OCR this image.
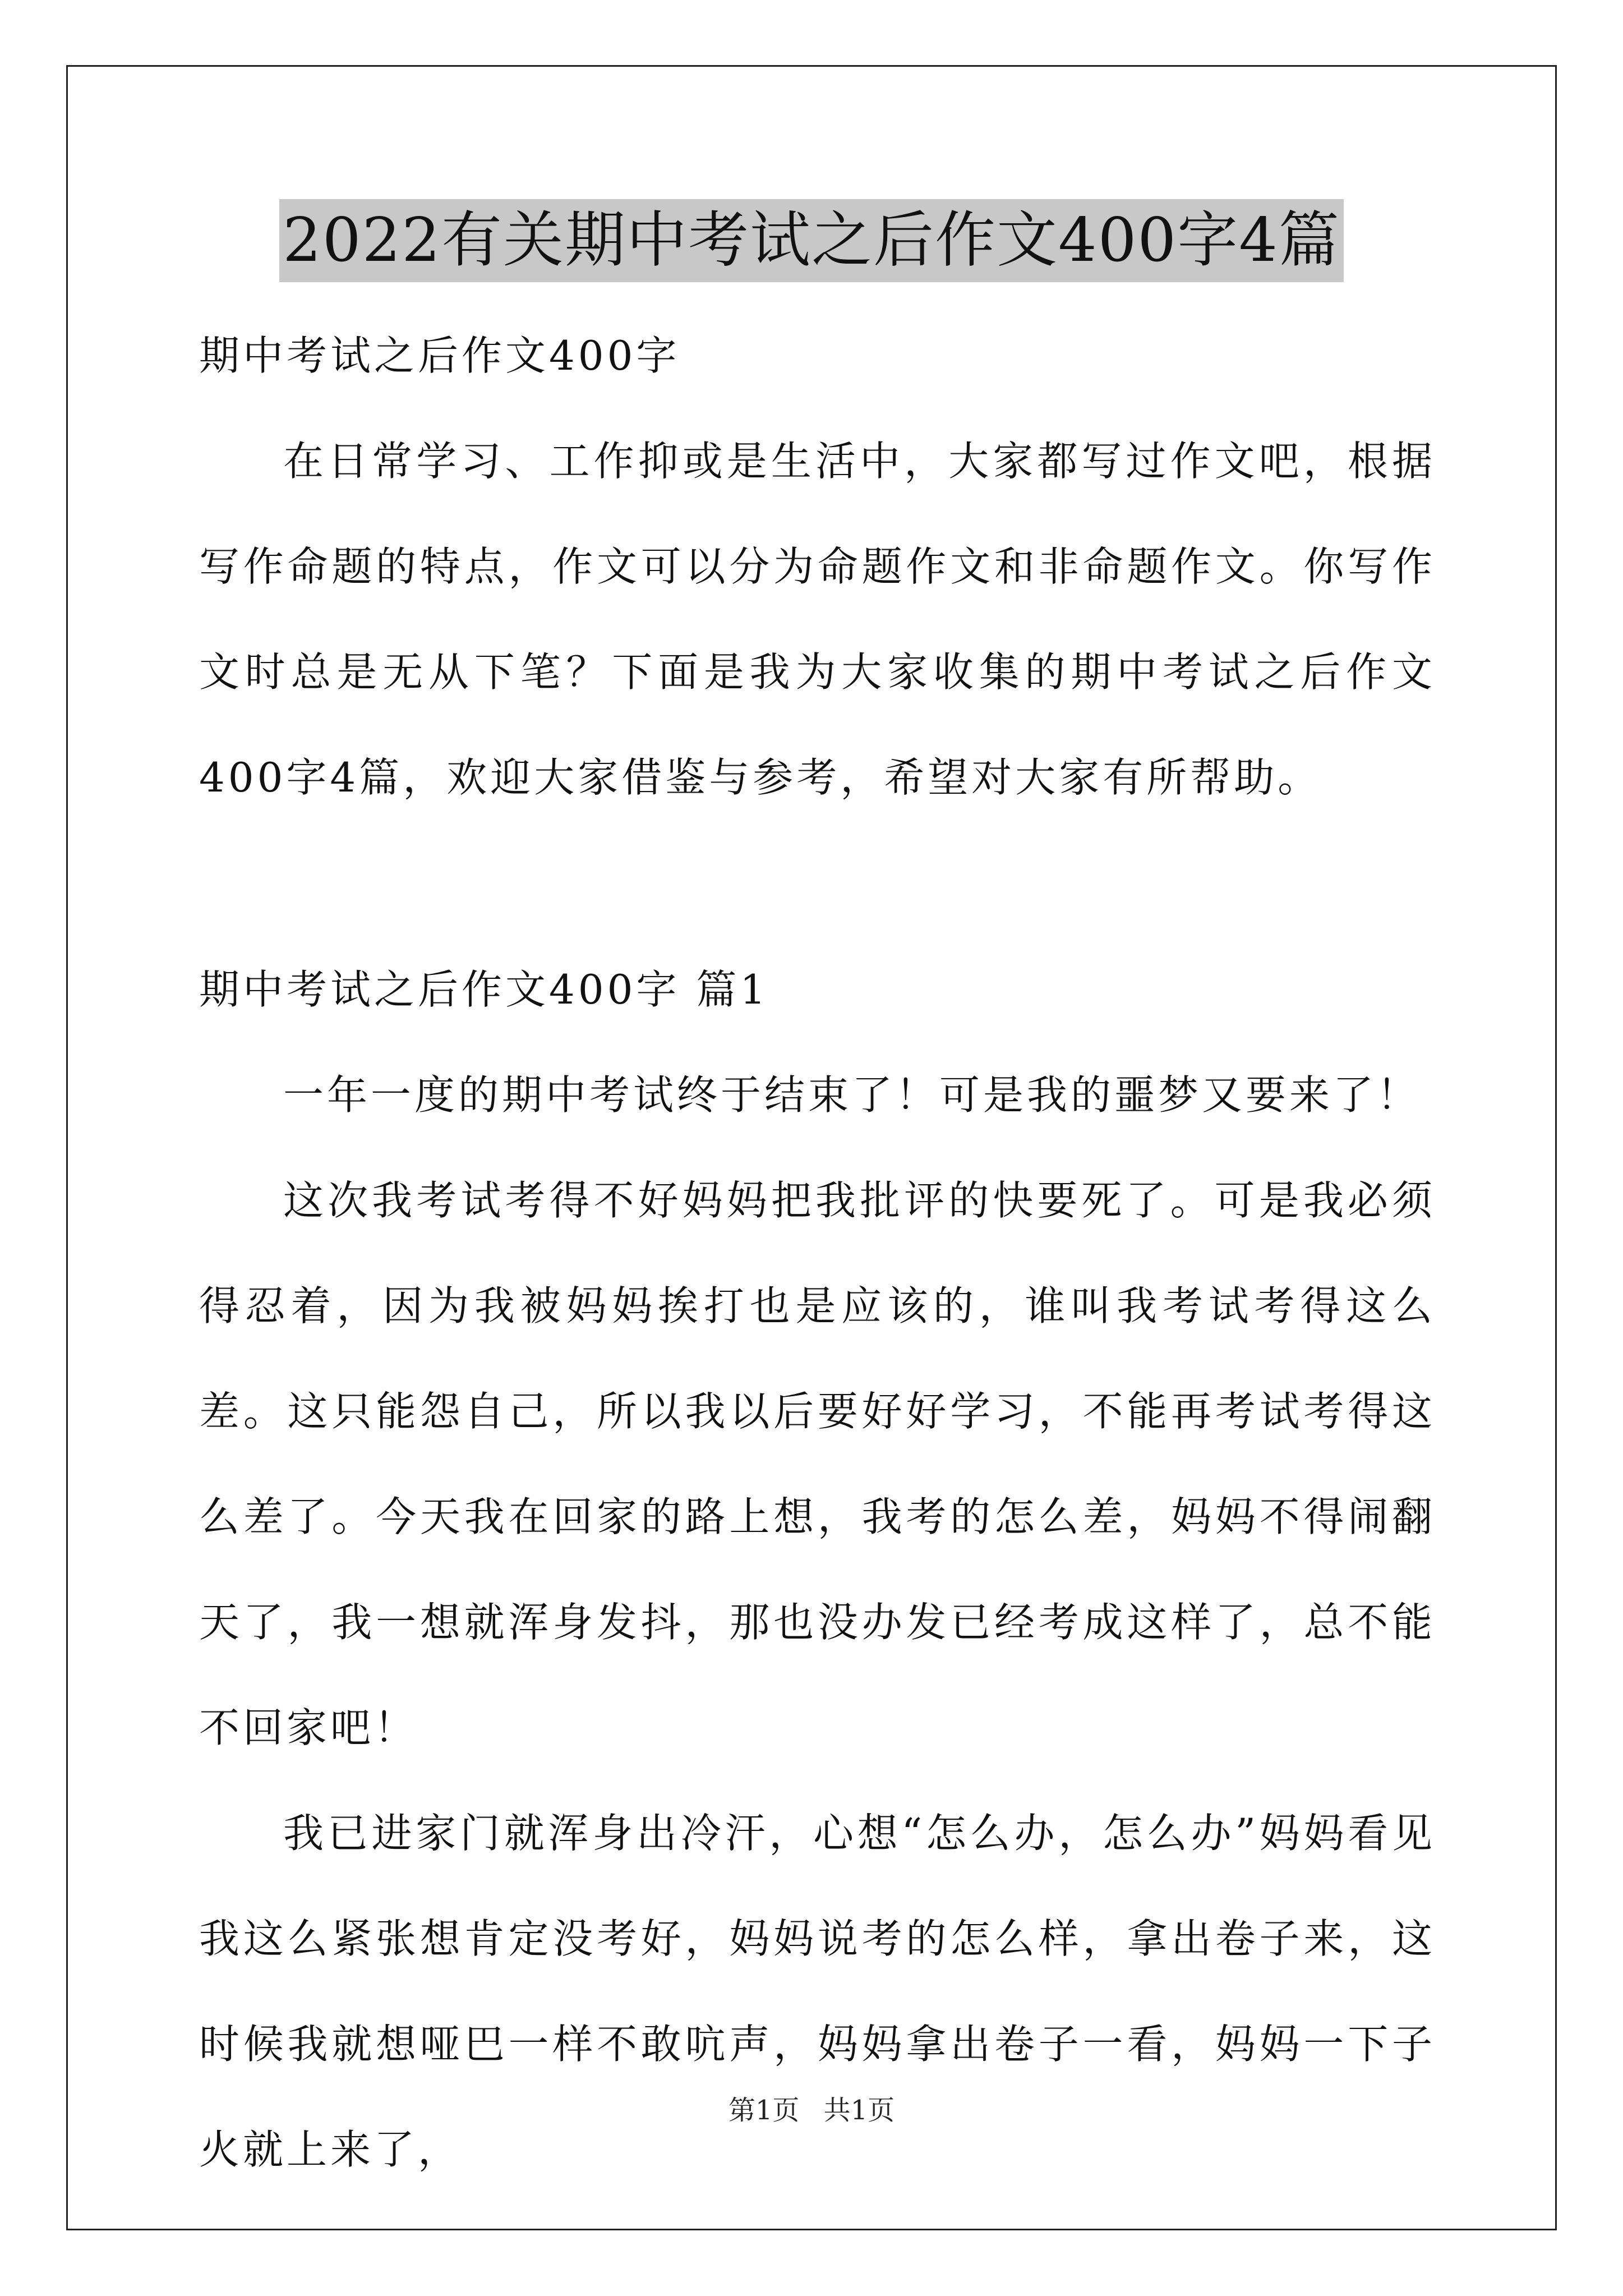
2022有关期中考试之后作文400字4篇

期中考试之后作文400字

在日常学习、工作抑或是生活中，大家都写过作文吧，根据写作命题的特点，作文可以分为命题作文和非命题作文。你写作文时总是无从下笔？下面是我为大家收集的期中考试之后作文400字4篇，欢迎大家借鉴与参考，希望对大家有所帮助。

期中考试之后作文400字 篇1

一年一度的期中考试终于结束了！可是我的噩梦又要来了！

这次我考试考得不好妈妈把我批评的快要死了。可是我必须得忍着，因为我被妈妈挨打也是应该的，谁叫我考试考得这么差。这只能怨自己，所以我以后要好好学习，不能再考试考得这么差了。今天我在回家的路上想，我考的怎么差，妈妈不得闹翻天了，我一想就浑身发抖，那也没办发已经考成这样了，总不能不回家吧！

我已进家门就浑身出冷汗，心想“怎么办，怎么办”妈妈看见我这么紧张想肯定没考好，妈妈说考的怎么样，拿出卷子来，这时候我就想哑巴一样不敢吭声，妈妈拿出卷子一看，妈妈一下子火就上来了，

第1页 共1页
